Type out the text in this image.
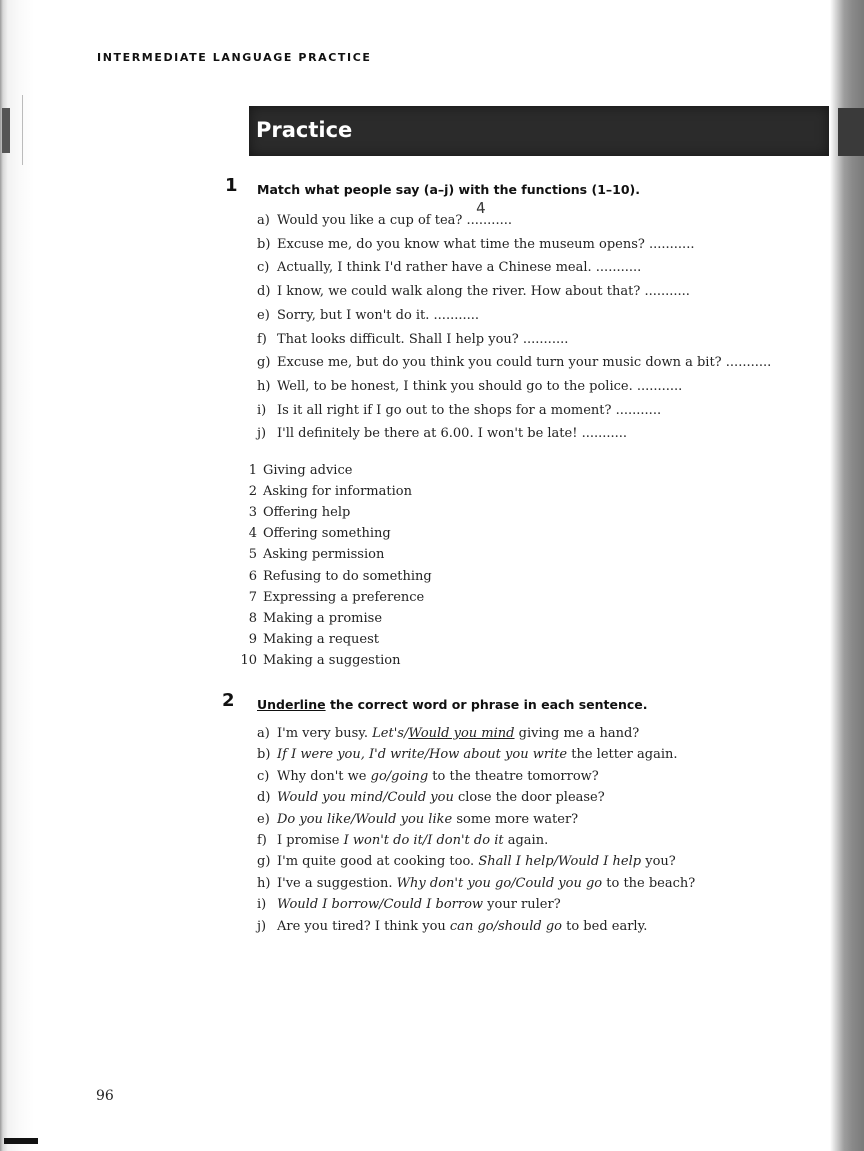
INTERMEDIATE LANGUAGE PRACTICE
Practice
1 Match what people say (a–j) with the functions (1–10).
a) Would you like a cup of tea? ...........
4
b) Excuse me, do you know what time the museum opens? ...........
c) Actually, I think I'd rather have a Chinese meal. ...........
d) I know, we could walk along the river. How about that? ...........
e) Sorry, but I won't do it. ...........
f) That looks difficult. Shall I help you? ...........
g) Excuse me, but do you think you could turn your music down a bit? ...........
h) Well, to be honest, I think you should go to the police. ...........
i) Is it all right if I go out to the shops for a moment? ...........
j) I'll definitely be there at 6.00. I won't be late! ...........
1 Giving advice
2 Asking for information
3 Offering help
4 Offering something
5 Asking permission
6 Refusing to do something
7 Expressing a preference
8 Making a promise
9 Making a request
10 Making a suggestion
2 Underline the correct word or phrase in each sentence.
a) I'm very busy. Let's/Would you mind giving me a hand?
b) If I were you, I'd write/How about you write the letter again.
c) Why don't we go/going to the theatre tomorrow?
d) Would you mind/Could you close the door please?
e) Do you like/Would you like some more water?
f) I promise I won't do it/I don't do it again.
g) I'm quite good at cooking too. Shall I help/Would I help you?
h) I've a suggestion. Why don't you go/Could you go to the beach?
i) Would I borrow/Could I borrow your ruler?
j) Are you tired? I think you can go/should go to bed early.
96
